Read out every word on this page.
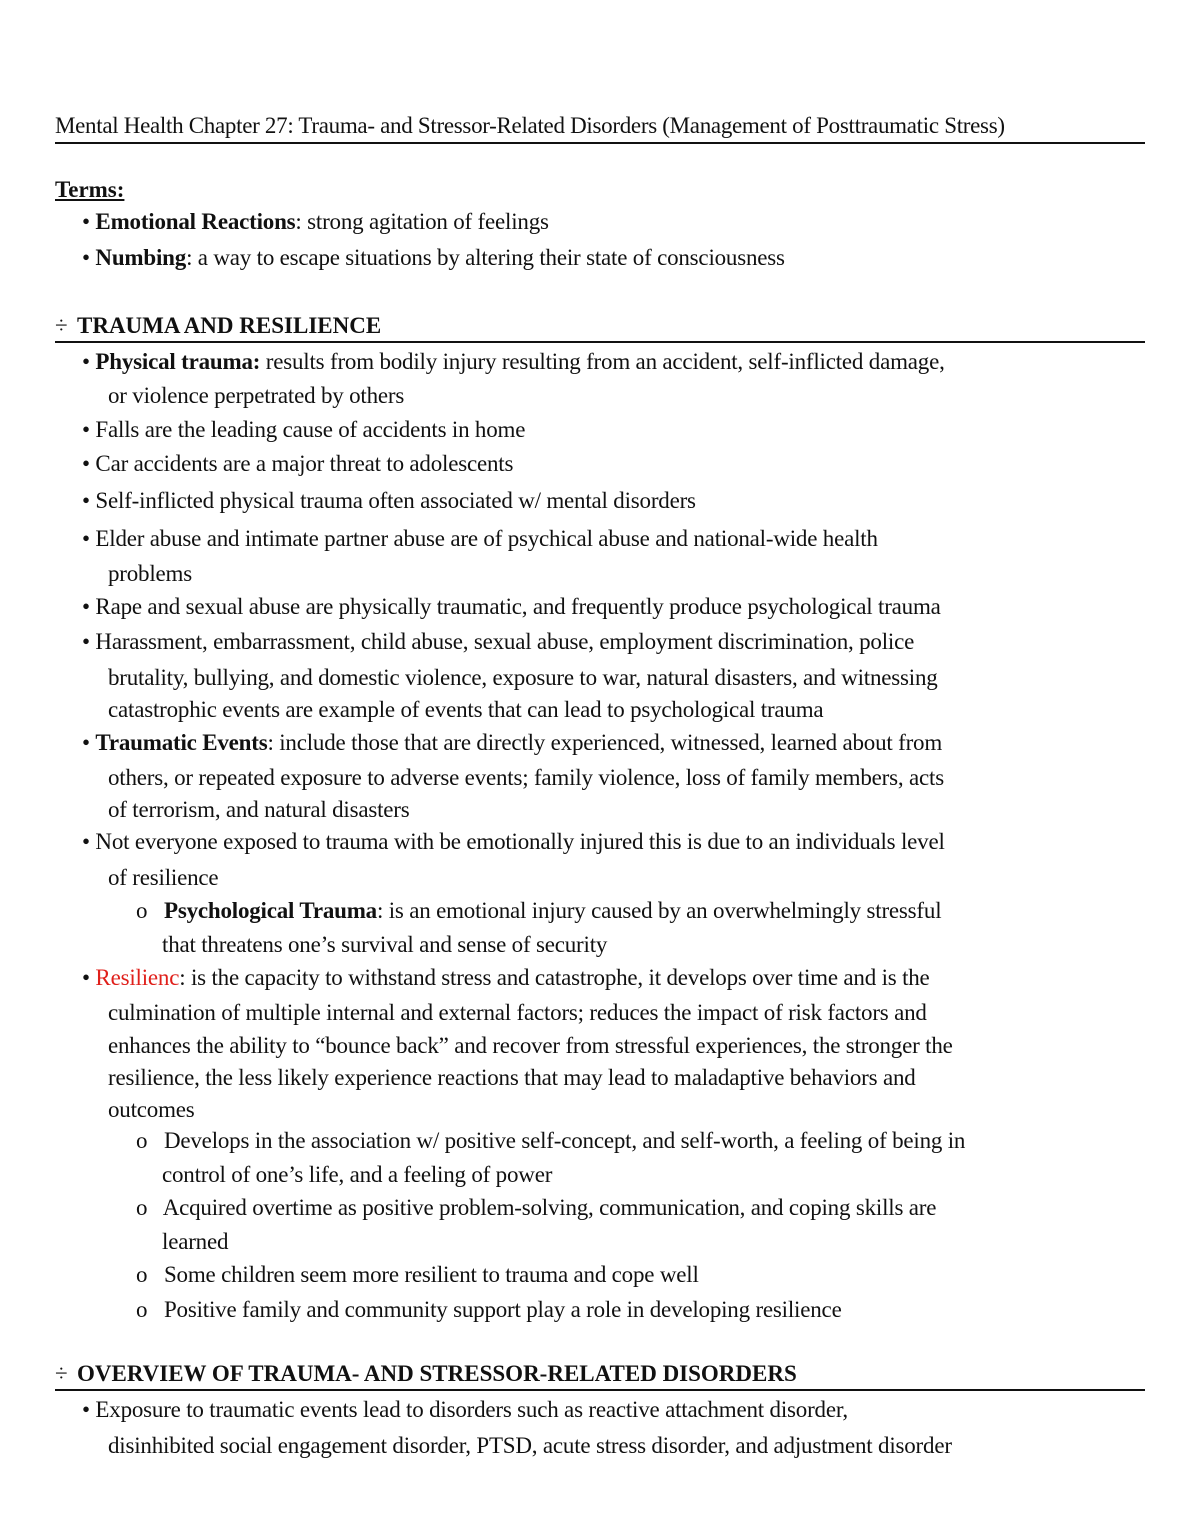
Mental Health Chapter 27: Trauma- and Stressor-Related Disorders (Management of Posttraumatic Stress)
Terms:
• Emotional Reactions: strong agitation of feelings
• Numbing: a way to escape situations by altering their state of consciousness
÷ TRAUMA AND RESILIENCE
• Physical trauma: results from bodily injury resulting from an accident, self-inflicted damage,
or violence perpetrated by others
• Falls are the leading cause of accidents in home
• Car accidents are a major threat to adolescents
• Self-inflicted physical trauma often associated w/ mental disorders
• Elder abuse and intimate partner abuse are of psychical abuse and national-wide health
problems
• Rape and sexual abuse are physically traumatic, and frequently produce psychological trauma
• Harassment, embarrassment, child abuse, sexual abuse, employment discrimination, police
brutality, bullying, and domestic violence, exposure to war, natural disasters, and witnessing
catastrophic events are example of events that can lead to psychological trauma
• Traumatic Events: include those that are directly experienced, witnessed, learned about from
others, or repeated exposure to adverse events; family violence, loss of family members, acts
of terrorism, and natural disasters
• Not everyone exposed to trauma with be emotionally injured this is due to an individuals level
of resilience
o Psychological Trauma: is an emotional injury caused by an overwhelmingly stressful
that threatens one’s survival and sense of security
• Resilienc: is the capacity to withstand stress and catastrophe, it develops over time and is the
culmination of multiple internal and external factors; reduces the impact of risk factors and
enhances the ability to “bounce back” and recover from stressful experiences, the stronger the
resilience, the less likely experience reactions that may lead to maladaptive behaviors and
outcomes
o Develops in the association w/ positive self-concept, and self-worth, a feeling of being in
control of one’s life, and a feeling of power
o Acquired overtime as positive problem-solving, communication, and coping skills are
learned
o Some children seem more resilient to trauma and cope well
o Positive family and community support play a role in developing resilience
÷ OVERVIEW OF TRAUMA- AND STRESSOR-RELATED DISORDERS
• Exposure to traumatic events lead to disorders such as reactive attachment disorder,
disinhibited social engagement disorder, PTSD, acute stress disorder, and adjustment disorder
